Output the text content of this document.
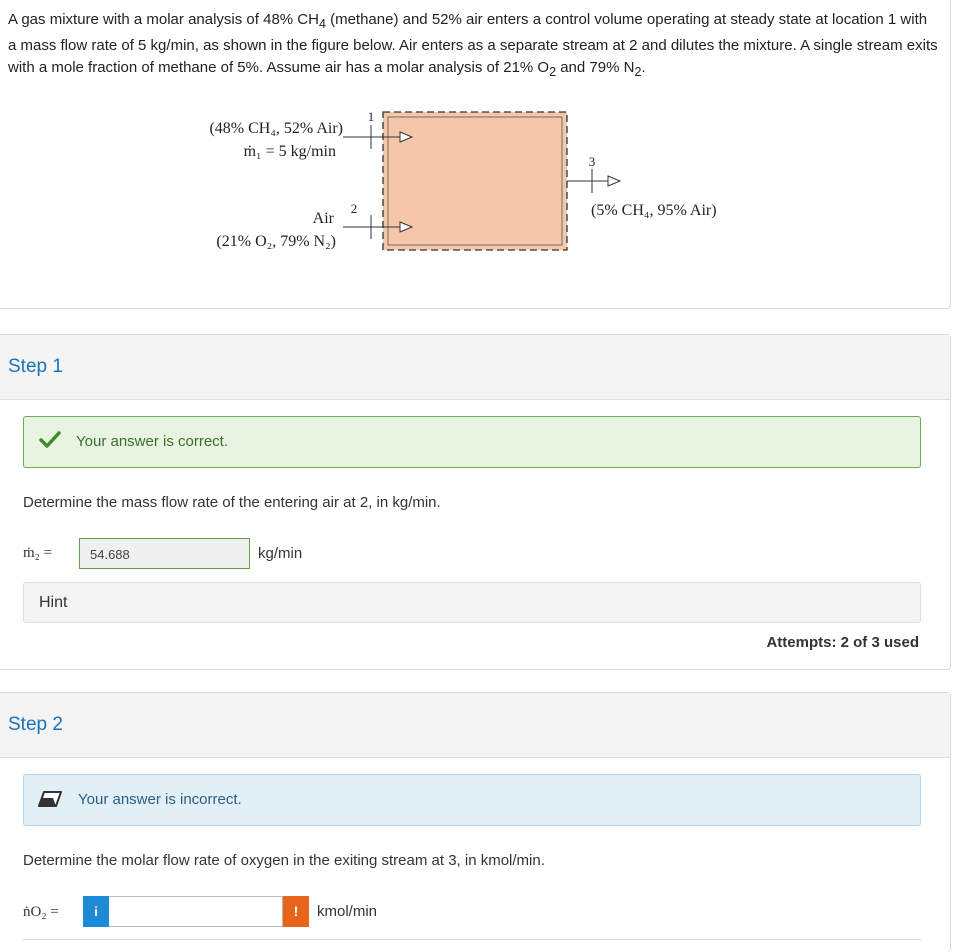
A gas mixture with a molar analysis of 48% $CH_4$ (methane) and 52% air enters a control volume operating at steady state at location 1 with a mass flow rate of 5 kg/min, as shown in the figure below. Air enters as a separate stream at 2 and dilutes the mixture. A single stream exits with a mole fraction of methane of 5%. Assume air has a molar analysis of 21% $O_2$ and 79% $N_2$.
(48% CH₄, 52% Air)
ṁ₁ = 5 kg/min
1
Air
(21% O₂, 79% N₂)
2
3
(5% CH₄, 95% Air)
Step 1
Your answer is correct.
Determine the mass flow rate of the entering air at 2, in kg/min.
ṁ₂ =	54.688	kg/min
Hint
Attempts: 2 of 3 used
Step 2
Your answer is incorrect.
Determine the molar flow rate of oxygen in the exiting stream at 3, in kmol/min.
ṅO₂ =	i	!	kmol/min
